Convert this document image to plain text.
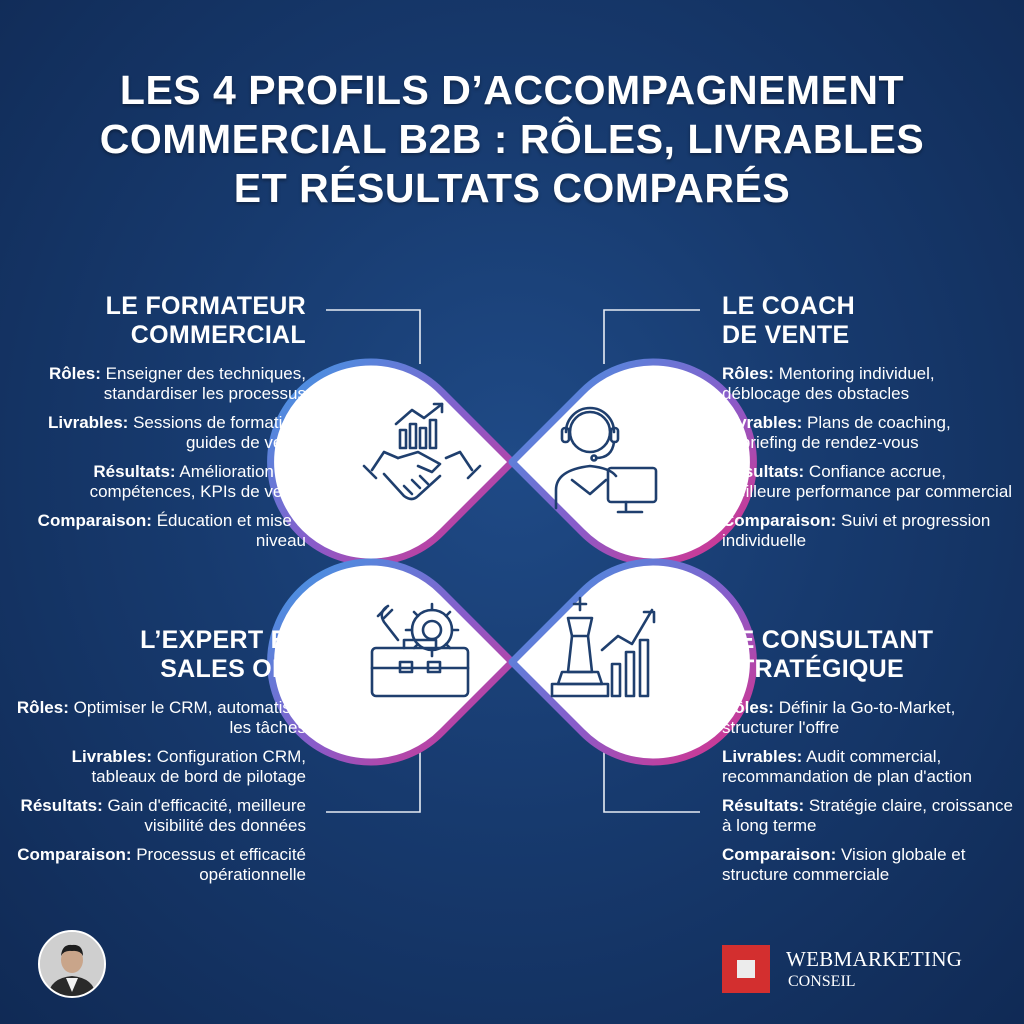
LES 4 PROFILS D’ACCOMPAGNEMENT
COMMERCIAL B2B : RÔLES, LIVRABLES
ET RÉSULTATS COMPARÉS
LE FORMATEUR
COMMERCIAL

Rôles: Enseigner des techniques, standardiser les processus

Livrables: Sessions de formation, guides de vente

Résultats: Amélioration des compétences, KPIs de vente

Comparaison: Éducation et mise à niveau

LE COACH
DE VENTE

Rôles: Mentoring individuel, déblocage des obstacles

Livrables: Plans de coaching, débriefing de rendez-vous

Résultats: Confiance accrue, meilleure performance par commercial

Comparaison: Suivi et progression individuelle

L’EXPERT EN
SALES OPS

Rôles: Optimiser le CRM, automatiser les tâches

Livrables: Configuration CRM, tableaux de bord de pilotage

Résultats: Gain d'efficacité, meilleure visibilité des données

Comparaison: Processus et efficacité opérationnelle

LE CONSULTANT
STRATÉGIQUE

Rôles: Définir la Go-to-Market, structurer l'offre

Livrables: Audit commercial, recommandation de plan d'action

Résultats: Stratégie claire, croissance à long terme

Comparaison: Vision globale et structure commerciale

WEBMARKETING
CONSEIL
